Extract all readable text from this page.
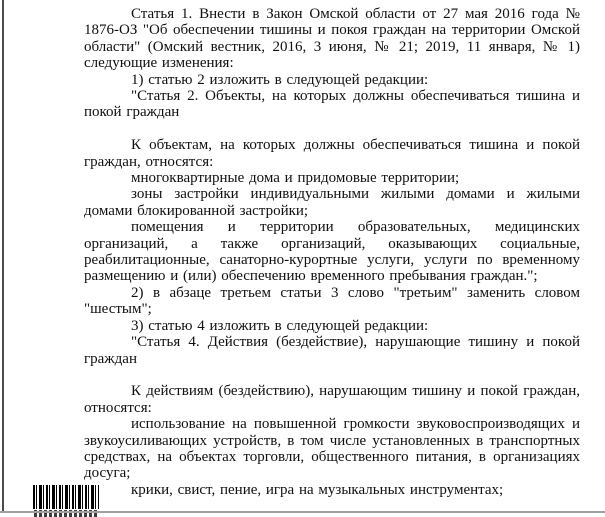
Статья 1. Внести в Закон Омской области от 27 мая 2016 года № 1876-ОЗ "Об обеспечении тишины и покоя граждан на территории Омской области" (Омский вестник, 2016, 3 июня, № 21; 2019, 11 января, № 1) следующие изменения:

1) статью 2 изложить в следующей редакции:

"Статья 2. Объекты, на которых должны обеспечиваться тишина и покой граждан

К объектам, на которых должны обеспечиваться тишина и покой граждан, относятся:

многоквартирные дома и придомовые территории;

зоны застройки индивидуальными жилыми домами и жилыми домами блокированной застройки;

помещения и территории образовательных, медицинских организаций, а также организаций, оказывающих социальные, реабилитационные, санаторно-курортные услуги, услуги по временному размещению и (или) обеспечению временного пребывания граждан.";

2) в абзаце третьем статьи 3 слово "третьим" заменить словом "шестым";

3) статью 4 изложить в следующей редакции:

"Статья 4. Действия (бездействие), нарушающие тишину и покой граждан

К действиям (бездействию), нарушающим тишину и покой граждан, относятся:

использование на повышенной громкости звуковоспроизводящих и звукоусиливающих устройств, в том числе установленных в транспортных средствах, на объектах торговли, общественного питания, в организациях досуга;

крики, свист, пение, игра на музыкальных инструментах;
